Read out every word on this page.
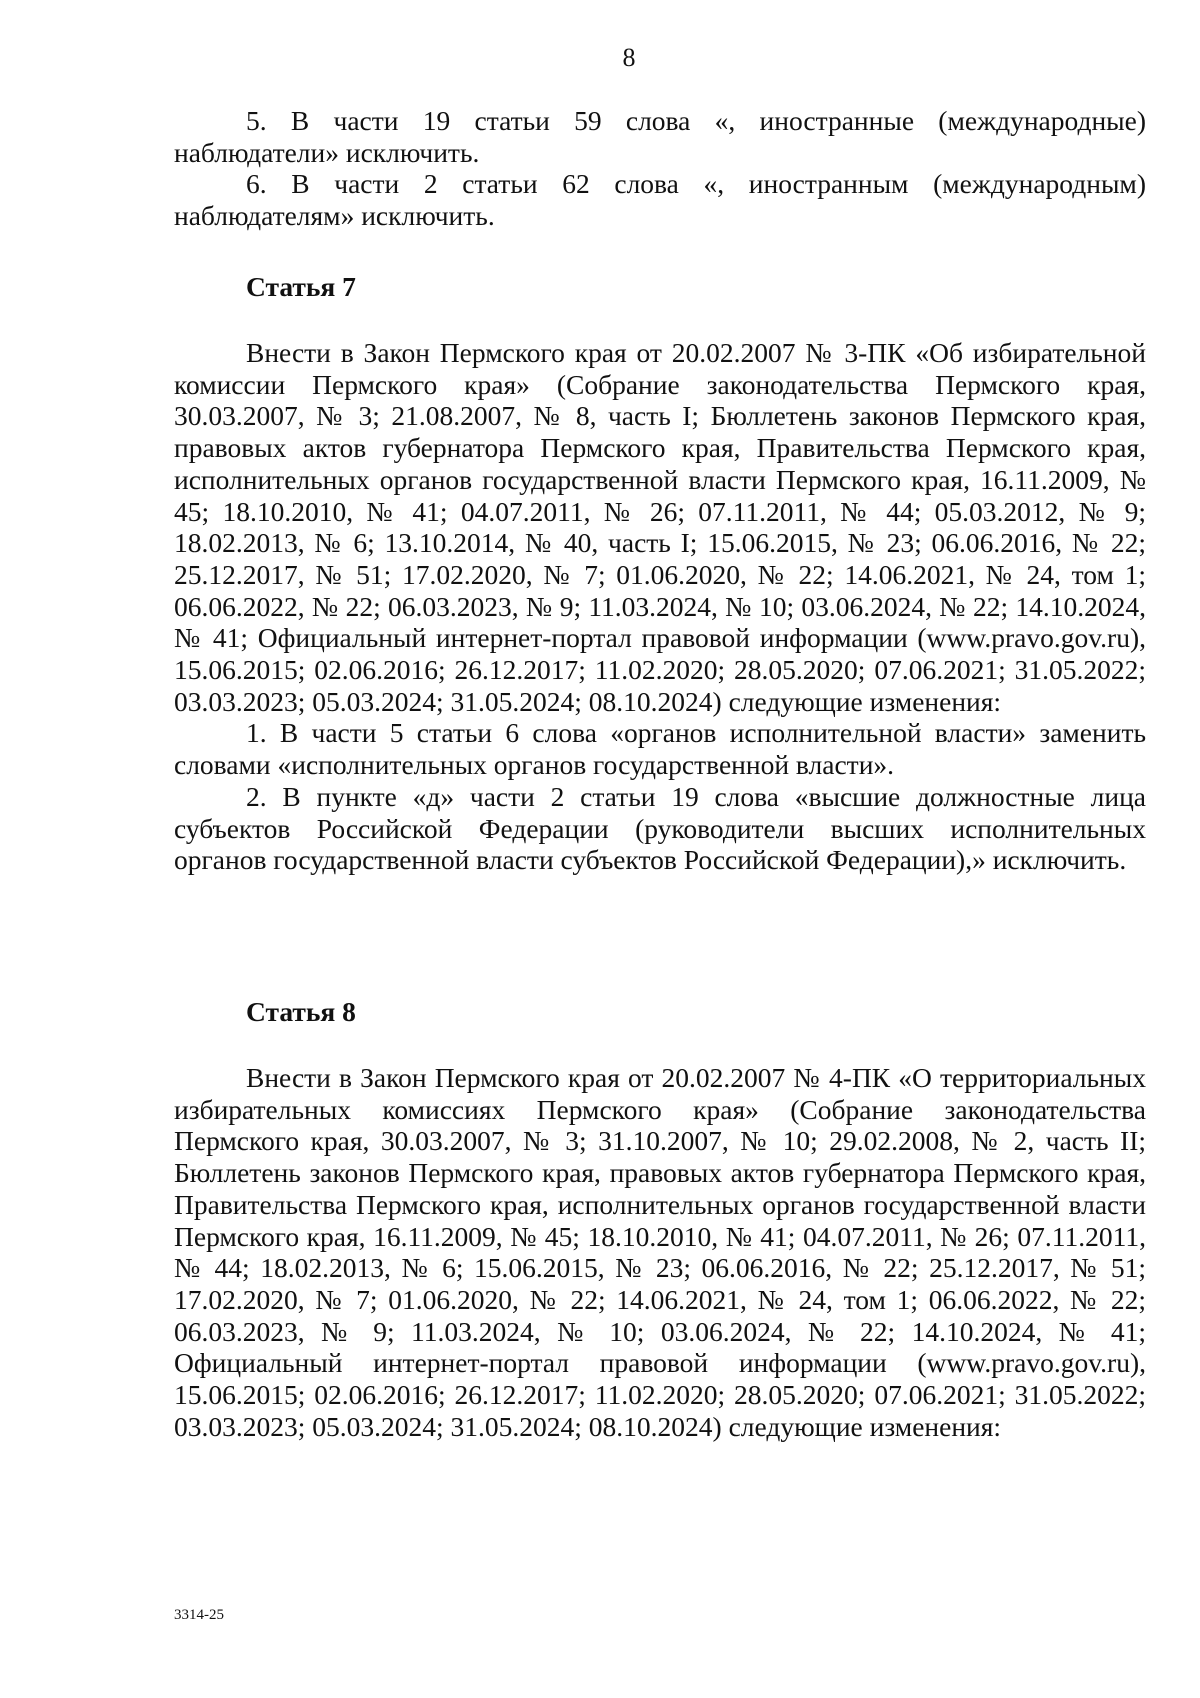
8

5. В части 19 статьи 59 слова «, иностранные (международные) наблюдатели» исключить.

6. В части 2 статьи 62 слова «, иностранным (международным) наблюдателям» исключить.

Статья 7

Внести в Закон Пермского края от 20.02.2007 № 3-ПК «Об избирательной комиссии Пермского края» (Собрание законодательства Пермского края, 30.03.2007, № 3; 21.08.2007, № 8, часть I; Бюллетень законов Пермского края, правовых актов губернатора Пермского края, Правительства Пермского края, исполнительных органов государственной власти Пермского края, 16.11.2009, № 45; 18.10.2010, № 41; 04.07.2011, № 26; 07.11.2011, № 44; 05.03.2012, № 9; 18.02.2013, № 6; 13.10.2014, № 40, часть I; 15.06.2015, № 23; 06.06.2016, № 22; 25.12.2017, № 51; 17.02.2020, № 7; 01.06.2020, № 22; 14.06.2021, № 24, том 1; 06.06.2022, № 22; 06.03.2023, № 9; 11.03.2024, № 10; 03.06.2024, № 22; 14.10.2024, № 41; Официальный интернет-портал правовой информации (www.pravo.gov.ru), 15.06.2015; 02.06.2016; 26.12.2017; 11.02.2020; 28.05.2020; 07.06.2021; 31.05.2022; 03.03.2023; 05.03.2024; 31.05.2024; 08.10.2024) следующие изменения:

1. В части 5 статьи 6 слова «органов исполнительной власти» заменить словами «исполнительных органов государственной власти».

2. В пункте «д» части 2 статьи 19 слова «высшие должностные лица субъектов Российской Федерации (руководители высших исполнительных органов государственной власти субъектов Российской Федерации),» исключить.

Статья 8

Внести в Закон Пермского края от 20.02.2007 № 4-ПК «О территориальных избирательных комиссиях Пермского края» (Собрание законодательства Пермского края, 30.03.2007, № 3; 31.10.2007, № 10; 29.02.2008, № 2, часть II; Бюллетень законов Пермского края, правовых актов губернатора Пермского края, Правительства Пермского края, исполнительных органов государственной власти Пермского края, 16.11.2009, № 45; 18.10.2010, № 41; 04.07.2011, № 26; 07.11.2011, № 44; 18.02.2013, № 6; 15.06.2015, № 23; 06.06.2016, № 22; 25.12.2017, № 51; 17.02.2020, № 7; 01.06.2020, № 22; 14.06.2021, № 24, том 1; 06.06.2022, № 22; 06.03.2023, № 9; 11.03.2024, № 10; 03.06.2024, № 22; 14.10.2024, № 41; Официальный интернет-портал правовой информации (www.pravo.gov.ru), 15.06.2015; 02.06.2016; 26.12.2017; 11.02.2020; 28.05.2020; 07.06.2021; 31.05.2022; 03.03.2023; 05.03.2024; 31.05.2024; 08.10.2024) следующие изменения:

3314-25
